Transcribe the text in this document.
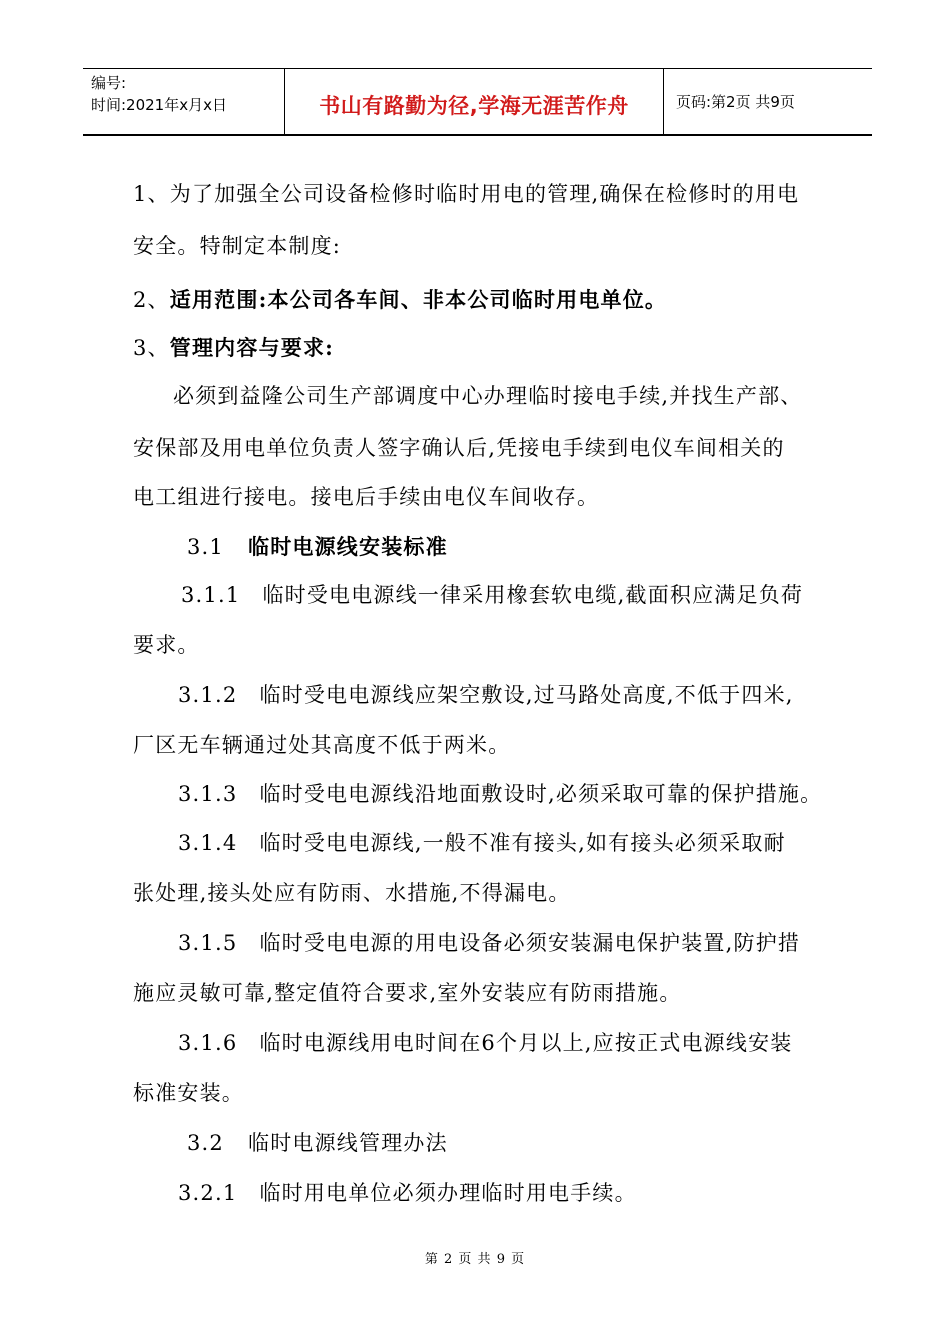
编号:
时间:2021年x月x日	书山有路勤为径,学海无涯苦作舟	页码:第2页 共9页
1、为了加强全公司设备检修时临时用电的管理,确保在检修时的用电
安全。特制定本制度:
2、适用范围:本公司各车间、非本公司临时用电单位。
3、管理内容与要求:
必须到益隆公司生产部调度中心办理临时接电手续,并找生产部、
安保部及用电单位负责人签字确认后,凭接电手续到电仪车间相关的
电工组进行接电。接电后手续由电仪车间收存。
3.1 临时电源线安装标准
3.1.1 临时受电电源线一律采用橡套软电缆,截面积应满足负荷
要求。
3.1.2 临时受电电源线应架空敷设,过马路处高度,不低于四米,
厂区无车辆通过处其高度不低于两米。
3.1.3 临时受电电源线沿地面敷设时,必须采取可靠的保护措施。
3.1.4 临时受电电源线,一般不准有接头,如有接头必须采取耐
张处理,接头处应有防雨、水措施,不得漏电。
3.1.5 临时受电电源的用电设备必须安装漏电保护装置,防护措
施应灵敏可靠,整定值符合要求,室外安装应有防雨措施。
3.1.6 临时电源线用电时间在6个月以上,应按正式电源线安装
标准安装。
3.2 临时电源线管理办法
3.2.1 临时用电单位必须办理临时用电手续。
第 2 页 共 9 页
